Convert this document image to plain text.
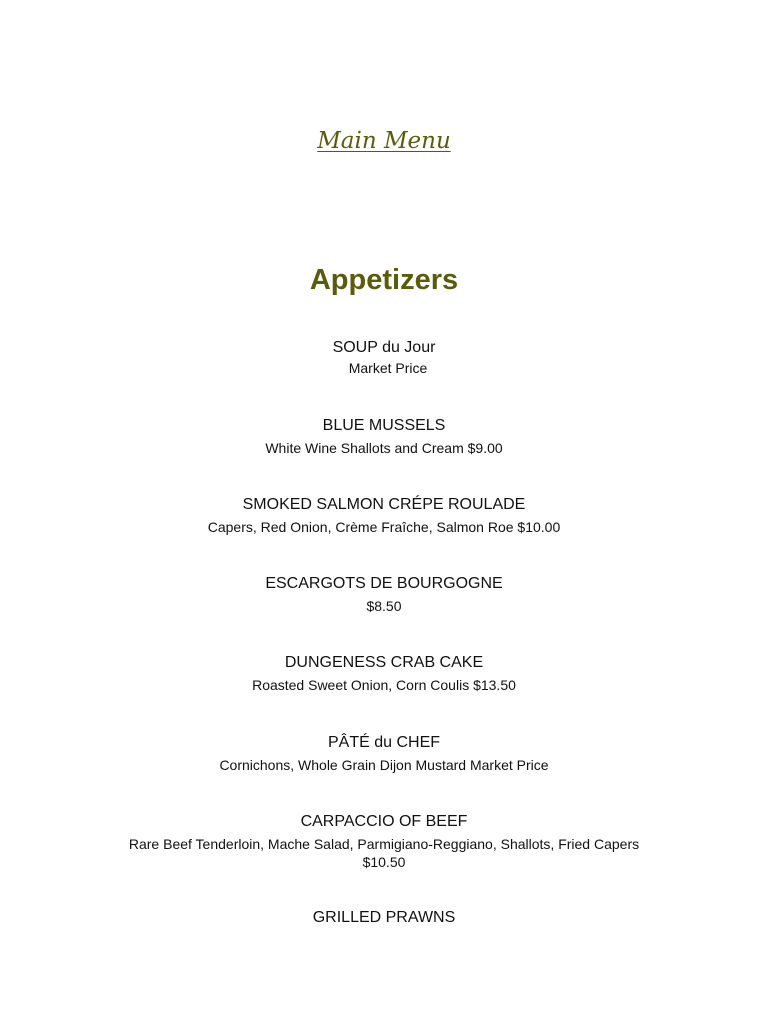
Main Menu
Appetizers
SOUP du Jour
Market Price
BLUE MUSSELS
White Wine Shallots and Cream $9.00
SMOKED SALMON CRÉPE ROULADE
Capers, Red Onion, Crème Fraîche, Salmon Roe $10.00
ESCARGOTS DE BOURGOGNE
$8.50
DUNGENESS CRAB CAKE
Roasted Sweet Onion, Corn Coulis $13.50
PÂTÉ du CHEF
Cornichons, Whole Grain Dijon Mustard Market Price
CARPACCIO OF BEEF
Rare Beef Tenderloin, Mache Salad, Parmigiano-Reggiano, Shallots, Fried Capers $10.50
GRILLED PRAWNS
